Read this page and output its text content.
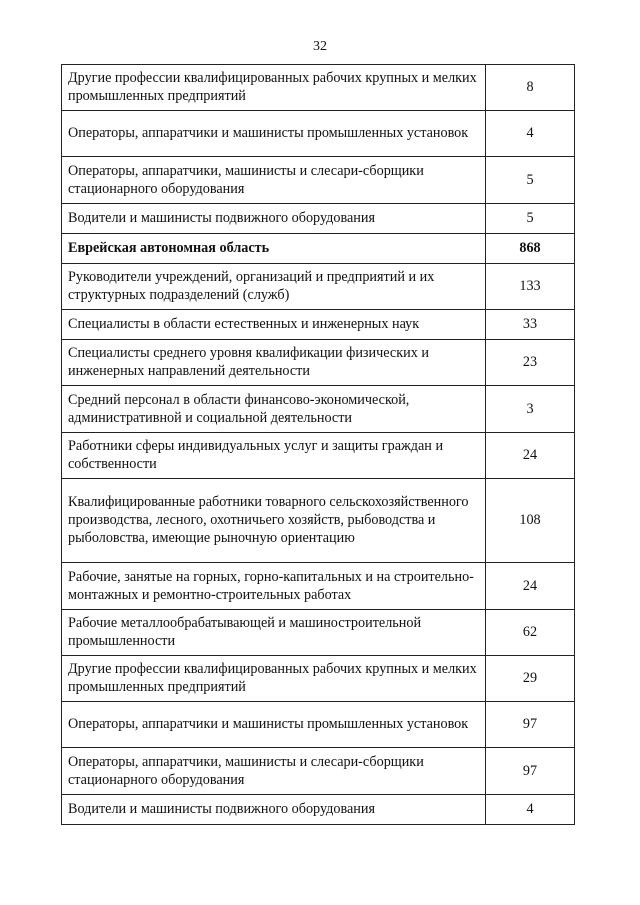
32
Другие профессии квалифицированных рабочих крупных и мелких промышленных предприятий	8
Операторы, аппаратчики и машинисты промышленных установок	4
Операторы, аппаратчики, машинисты и слесари-сборщики стационарного оборудования	5
Водители и машинисты подвижного оборудования	5
Еврейская автономная область	868
Руководители учреждений, организаций и предприятий и их структурных подразделений (служб)	133
Специалисты в области естественных и инженерных наук	33
Специалисты среднего уровня квалификации физических и инженерных направлений деятельности	23
Средний персонал в области финансово-экономической, административной и социальной деятельности	3
Работники сферы индивидуальных услуг и защиты граждан и собственности	24
Квалифицированные работники товарного сельскохозяйственного производства, лесного, охотничьего хозяйств, рыбоводства и рыболовства, имеющие рыночную ориентацию	108
Рабочие, занятые на горных, горно-капитальных и на строительно-монтажных и ремонтно-строительных работах	24
Рабочие металлообрабатывающей и машиностроительной промышленности	62
Другие профессии квалифицированных рабочих крупных и мелких промышленных предприятий	29
Операторы, аппаратчики и машинисты промышленных установок	97
Операторы, аппаратчики, машинисты и слесари-сборщики стационарного оборудования	97
Водители и машинисты подвижного оборудования	4
